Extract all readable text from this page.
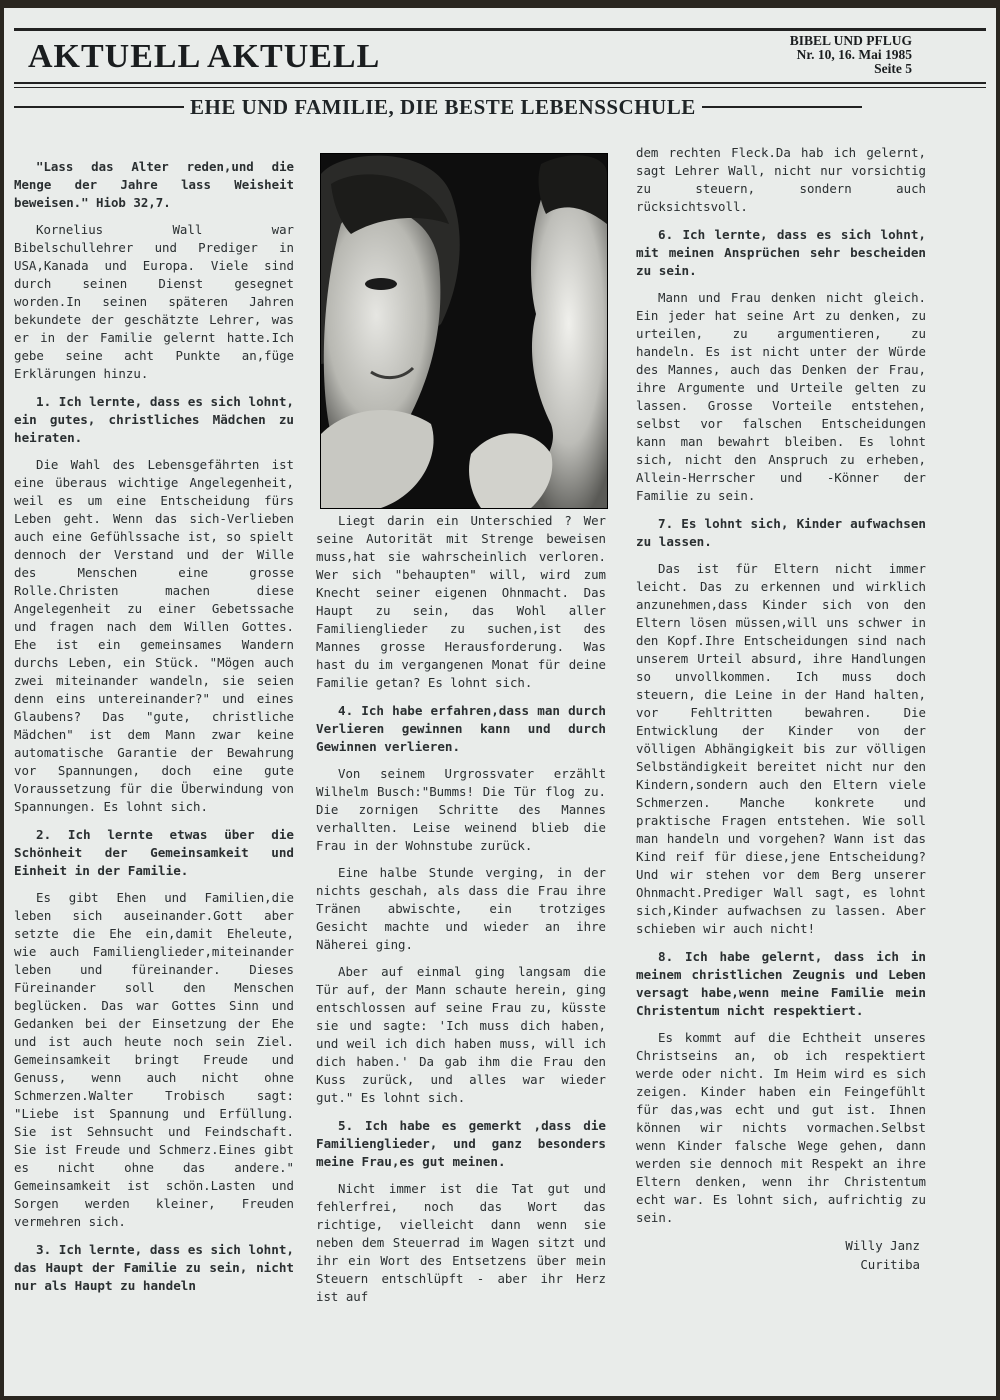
AKTUELL AKTUELL	BIBEL UND PFLUG
Nr. 10, 16. Mai 1985
Seite 5
EHE UND FAMILIE, DIE BESTE LEBENSSCHULE

"Lass das Alter reden,und die Menge der Jahre lass Weisheit beweisen." Hiob 32,7.

Kornelius Wall war Bibelschullehrer und Prediger in USA,Kanada und Europa. Viele sind durch seinen Dienst gesegnet worden.In seinen späteren Jahren bekundete der geschätzte Lehrer, was er in der Familie gelernt hatte.Ich gebe seine acht Punkte an,füge Erklärungen hinzu.

1. Ich lernte, dass es sich lohnt, ein gutes, christliches Mädchen zu heiraten.

Die Wahl des Lebensgefährten ist eine überaus wichtige Angelegenheit, weil es um eine Entscheidung fürs Leben geht. Wenn das sich-Verlieben auch eine Gefühlssache ist, so spielt dennoch der Verstand und der Wille des Menschen eine grosse Rolle.Christen machen diese Angelegenheit zu einer Gebetssache und fragen nach dem Willen Gottes. Ehe ist ein gemeinsames Wandern durchs Leben, ein Stück. "Mögen auch zwei miteinander wandeln, sie seien denn eins untereinander?" und eines Glaubens? Das "gute, christliche Mädchen" ist dem Mann zwar keine automatische Garantie der Bewahrung vor Spannungen, doch eine gute Voraussetzung für die Überwindung von Spannungen. Es lohnt sich.

2. Ich lernte etwas über die Schönheit der Gemeinsamkeit und Einheit in der Familie.

Es gibt Ehen und Familien,die leben sich auseinander.Gott aber setzte die Ehe ein,damit Eheleute, wie auch Familienglieder,miteinander leben und füreinander. Dieses Füreinander soll den Menschen beglücken. Das war Gottes Sinn und Gedanken bei der Einsetzung der Ehe und ist auch heute noch sein Ziel. Gemeinsamkeit bringt Freude und Genuss, wenn auch nicht ohne Schmerzen.Walter Trobisch sagt: "Liebe ist Spannung und Erfüllung. Sie ist Sehnsucht und Feindschaft. Sie ist Freude und Schmerz.Eines gibt es nicht ohne das andere." Gemeinsamkeit ist schön.Lasten und Sorgen werden kleiner, Freuden vermehren sich.

3. Ich lernte, dass es sich lohnt, das Haupt der Familie zu sein, nicht nur als Haupt zu handeln

Liegt darin ein Unterschied ? Wer seine Autorität mit Strenge beweisen muss,hat sie wahrscheinlich verloren. Wer sich "behaupten" will, wird zum Knecht seiner eigenen Ohnmacht. Das Haupt zu sein, das Wohl aller Familienglieder zu suchen,ist des Mannes grosse Herausforderung. Was hast du im vergangenen Monat für deine Familie getan? Es lohnt sich.

4. Ich habe erfahren,dass man durch Verlieren gewinnen kann und durch Gewinnen verlieren.

Von seinem Urgrossvater erzählt Wilhelm Busch:"Bumms! Die Tür flog zu. Die zornigen Schritte des Mannes verhallten. Leise weinend blieb die Frau in der Wohnstube zurück.

Eine halbe Stunde verging, in der nichts geschah, als dass die Frau ihre Tränen abwischte, ein trotziges Gesicht machte und wieder an ihre Näherei ging.

Aber auf einmal ging langsam die Tür auf, der Mann schaute herein, ging entschlossen auf seine Frau zu, küsste sie und sagte: 'Ich muss dich haben, und weil ich dich haben muss, will ich dich haben.' Da gab ihm die Frau den Kuss zurück, und alles war wieder gut." Es lohnt sich.

5. Ich habe es gemerkt ,dass die Familienglieder, und ganz besonders meine Frau,es gut meinen.

Nicht immer ist die Tat gut und fehlerfrei, noch das Wort das richtige, vielleicht dann wenn sie neben dem Steuerrad im Wagen sitzt und ihr ein Wort des Entsetzens über mein Steuern entschlüpft - aber ihr Herz ist auf

dem rechten Fleck.Da hab ich gelernt, sagt Lehrer Wall, nicht nur vorsichtig zu steuern, sondern auch rücksichtsvoll.

6. Ich lernte, dass es sich lohnt, mit meinen Ansprüchen sehr bescheiden zu sein.

Mann und Frau denken nicht gleich. Ein jeder hat seine Art zu denken, zu urteilen, zu argumentieren, zu handeln. Es ist nicht unter der Würde des Mannes, auch das Denken der Frau, ihre Argumente und Urteile gelten zu lassen. Grosse Vorteile entstehen, selbst vor falschen Entscheidungen kann man bewahrt bleiben. Es lohnt sich, nicht den Anspruch zu erheben, Allein-Herrscher und -Könner der Familie zu sein.

7. Es lohnt sich, Kinder aufwachsen zu lassen.

Das ist für Eltern nicht immer leicht. Das zu erkennen und wirklich anzunehmen,dass Kinder sich von den Eltern lösen müssen,will uns schwer in den Kopf.Ihre Entscheidungen sind nach unserem Urteil absurd, ihre Handlungen so unvollkommen. Ich muss doch steuern, die Leine in der Hand halten, vor Fehltritten bewahren. Die Entwicklung der Kinder von der völligen Abhängigkeit bis zur völligen Selbständigkeit bereitet nicht nur den Kindern,sondern auch den Eltern viele Schmerzen. Manche konkrete und praktische Fragen entstehen. Wie soll man handeln und vorgehen? Wann ist das Kind reif für diese,jene Entscheidung? Und wir stehen vor dem Berg unserer Ohnmacht.Prediger Wall sagt, es lohnt sich,Kinder aufwachsen zu lassen. Aber schieben wir auch nicht!

8. Ich habe gelernt, dass ich in meinem christlichen Zeugnis und Leben versagt habe,wenn meine Familie mein Christentum nicht respektiert.

Es kommt auf die Echtheit unseres Christseins an, ob ich respektiert werde oder nicht. Im Heim wird es sich zeigen. Kinder haben ein Feingefühlt für das,was echt und gut ist. Ihnen können wir nichts vormachen.Selbst wenn Kinder falsche Wege gehen, dann werden sie dennoch mit Respekt an ihre Eltern denken, wenn ihr Christentum echt war. Es lohnt sich, aufrichtig zu sein.

Willy Janz
Curitiba
